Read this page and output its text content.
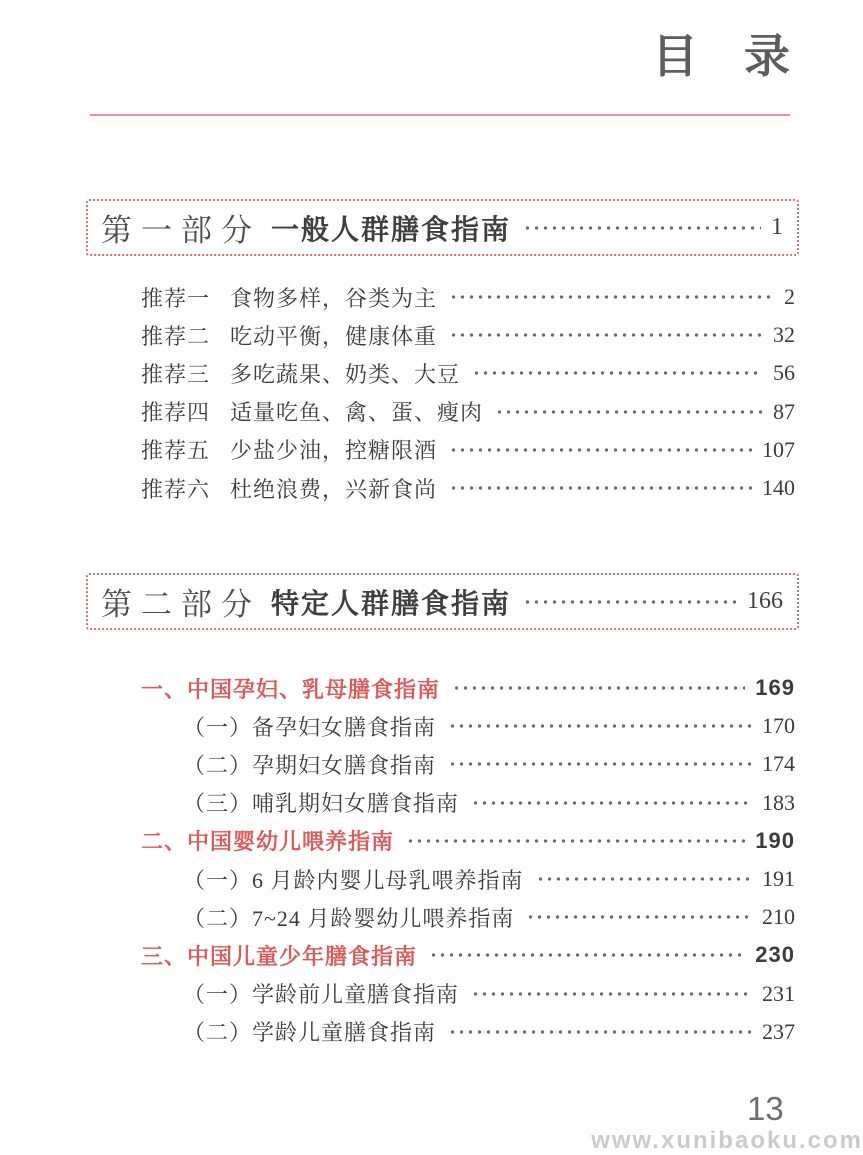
目　录
第一部分 一般人群膳食指南	1
推荐一 食物多样，谷类为主	2
推荐二 吃动平衡，健康体重	32
推荐三 多吃蔬果、奶类、大豆	56
推荐四 适量吃鱼、禽、蛋、瘦肉	87
推荐五 少盐少油，控糖限酒	107
推荐六 杜绝浪费，兴新食尚	140
第二部分 特定人群膳食指南	166
一、中国孕妇、乳母膳食指南	169
（一）备孕妇女膳食指南	170
（二）孕期妇女膳食指南	174
（三）哺乳期妇女膳食指南	183
二、中国婴幼儿喂养指南	190
（一）6 月龄内婴儿母乳喂养指南	191
（二）7~24 月龄婴幼儿喂养指南	210
三、中国儿童少年膳食指南	230
（一）学龄前儿童膳食指南	231
（二）学龄儿童膳食指南	237
13
www.xunibaoku.com
